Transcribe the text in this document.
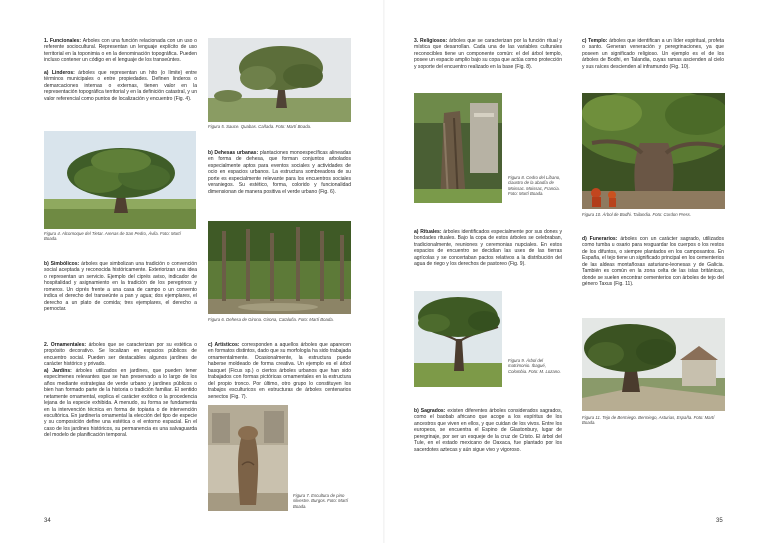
1. Funcionales: Árboles con una función relacionada con un uso o referente sociocultural. Representan un lenguaje explícito de uso territorial en la toponimia o en la denominación topográfica. Pueden incluso contener un código en el lenguaje de los transeúntes.

a) Linderos: árboles que representan un hito (o límite) entre términos municipales o entre propiedades. Definen linderos o demarcaciones internas o externas, tienen valor en la representación topográfica territorial y en la definición catastral, y un valor referencial como puntos de localización y encuentro (Fig. 4).

Figura 4. Alcornoque del Tietar. Arenas de San Pedro, Ávila. Foto: Martí Boada.

b) Simbólicos: árboles que simbolizan una tradición o convención social aceptada y reconocida históricamente. Exteriorizan una idea o representan un servicio. Ejemplo del ciprés aviso, indicador de hospitalidad y asignamiento en la tradición de los peregrinos y romeros. Un ciprés frente a una casa de campo o un convento indica el derecho del transeúnte a pan y agua; dos ejemplares, el derecho a un plato de comida; tres ejemplares, el derecho a pernoctar.

2. Ornamentales: árboles que se caracterizan por su estética o propósito decorativo. Se localizan en espacios públicos de encuentro social. Pueden ser destacables algunos jardines de carácter histórico y privado.

a) Jardíns: árboles utilizados en jardines, que pueden tener especímenes relevantes que se han preservado a lo largo de los años mediante estrategias de verde urbano y jardines públicos o bien han formado parte de la historia o tradición familiar. El sentido netamente ornamental, explica el carácter exótico o la procedencia lejana de la especie exhibida. A menudo, su forma se fundamenta en la intervención técnica en forma de topiaria o de intervención escultórica. En jardinería ornamental la elección del tipo de especie y su composición define una estética o el entorno espacial. En el caso de los jardines históricos, su permanencia es una salvaguarda del modelo de planificación temporal.

Figura 5. Sauce. Quabas. Cañada. Foto: Martí Boada.

b) Dehesas urbanas: plantaciones monoespecíficas alineadas en forma de dehesa, que forman conjuntos arbolados especialmente aptos para eventos sociales y actividades de ocio en espacios urbanos. La estructura sombreadora de su porte es especialmente relevante para los encuentros sociales veraniegos. Su estético, forma, colorido y funcionalidad dimensionan de manera positiva el verde urbano (Fig. 6).

Figura 6. Dehesa de Girona. Girona, Cataluña. Foto: Martí Boada.

c) Artísticos: corresponden a aquellos árboles que aparecen en formatos distintos, dado que su morfología ha sido trabajada ornamentalmente. Ocasionalmente, la estructura puede haberse moldeado de forma creativa. Un ejemplo es el árbol basquet (Ficus sp.) o ciertos árboles urbanos que han sido trabajados con formas pictóricas ornamentales en la estructura del propio tronco. Por último, otro grupo lo constituyen los trabajos esculturicos en estructuras de árboles centenarios senectos (Fig. 7).

Figura 7. Escultura de pino silvestre. Burgos. Foto: Martí Boada.

34

3. Religiosos: árboles que se caracterizan por la función ritual y mística que desarrollan. Cada una de las variables culturales reconocibles tiene un componente común: el del árbol templo, posee un espacio amplio bajo su copa que actúa como protección y soporte del encuentro realizado en la base (Fig. 8).

Figura 8. Cedro del Líbano, claustro de la abadía de Moissac. Moissac, Francia. Foto: Martí Boada.

a) Rituales: árboles identificados especialmente por sus dones y bondades rituales. Bajo la copa de estos árboles se celebraban, tradicionalmente, reuniones y ceremonias nupciales. En estos espacios de encuentro se decidían las uses de las tierras agrícolas y se concertaban pactos relativos a la distribución del agua de riego y los derechos de pastoreo (Fig. 9).

Figura 9. Árbol del matrimonio. Ibagué, Colombia. Foto: M. Lozano.

b) Sagrados: existen diferentes árboles considerados sagrados, como el baobab africano que acoge a los espíritus de los ancestros que viven en ellos, y que cuidan de los vivos. Entre los europeos, se encuentra el Espino de Glastonbury, lugar de peregrinaje, por ser un esqueje de la cruz de Cristo. El árbol del Tule, en el estado mexicano de Oaxaca, fue plantado por los sacerdotes aztecas y aún sigue vivo y vigoroso.

c) Templo: árboles que identifican a un líder espiritual, profeta o santo. Generan veneración y peregrinaciones, ya que poseen un significado religioso. Un ejemplo es el de los árboles de Bodhi, en Talandia, cuyas ramas ascienden al cielo y sus raíces descienden al inframundo (Fig. 10).

Figura 10. Árbol de Bodhi. Tailandia. Foto: Cordon Press.

d) Funerarios: árboles con un carácter sagrado, utilizados como tumba u osario para resguardar los cuerpos o los restos de los difuntos, o siempre plantados en los camposantos. En España, el tejo tiene un significado principal en los cementerios de las aldeas montañosas asturiano-leonesas y de Galicia. También es común en la zona celta de las islas británicas, donde se suelen encontrar cementerios con árboles de tejo del género Taxus (Fig. 11).

Figura 11. Tejo de Bermiego. Bermiego, Asturias, España. Foto: Martí Boada.

35
